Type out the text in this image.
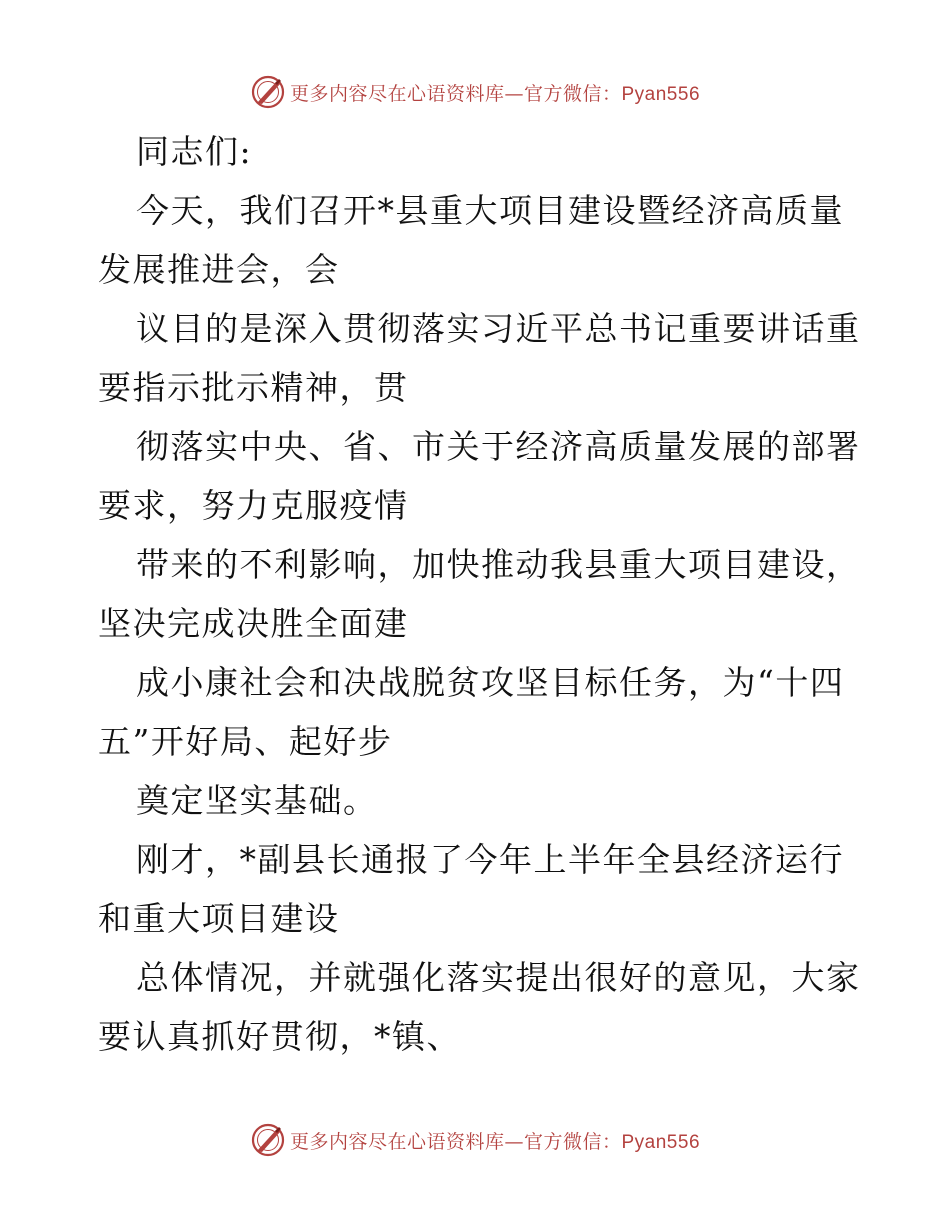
更多内容尽在心语资料库—官方微信：Pyan556
同志们:
今天，我们召开*县重大项目建设暨经济高质量
发展推进会，会
议目的是深入贯彻落实习近平总书记重要讲话重
要指示批示精神，贯
彻落实中央、省、市关于经济高质量发展的部署
要求，努力克服疫情
带来的不利影响，加快推动我县重大项目建设，
坚决完成决胜全面建
成小康社会和决战脱贫攻坚目标任务，为“十四
五”开好局、起好步
奠定坚实基础。
刚才，*副县长通报了今年上半年全县经济运行
和重大项目建设
总体情况，并就强化落实提出很好的意见，大家
要认真抓好贯彻，*镇、
更多内容尽在心语资料库—官方微信：Pyan556
